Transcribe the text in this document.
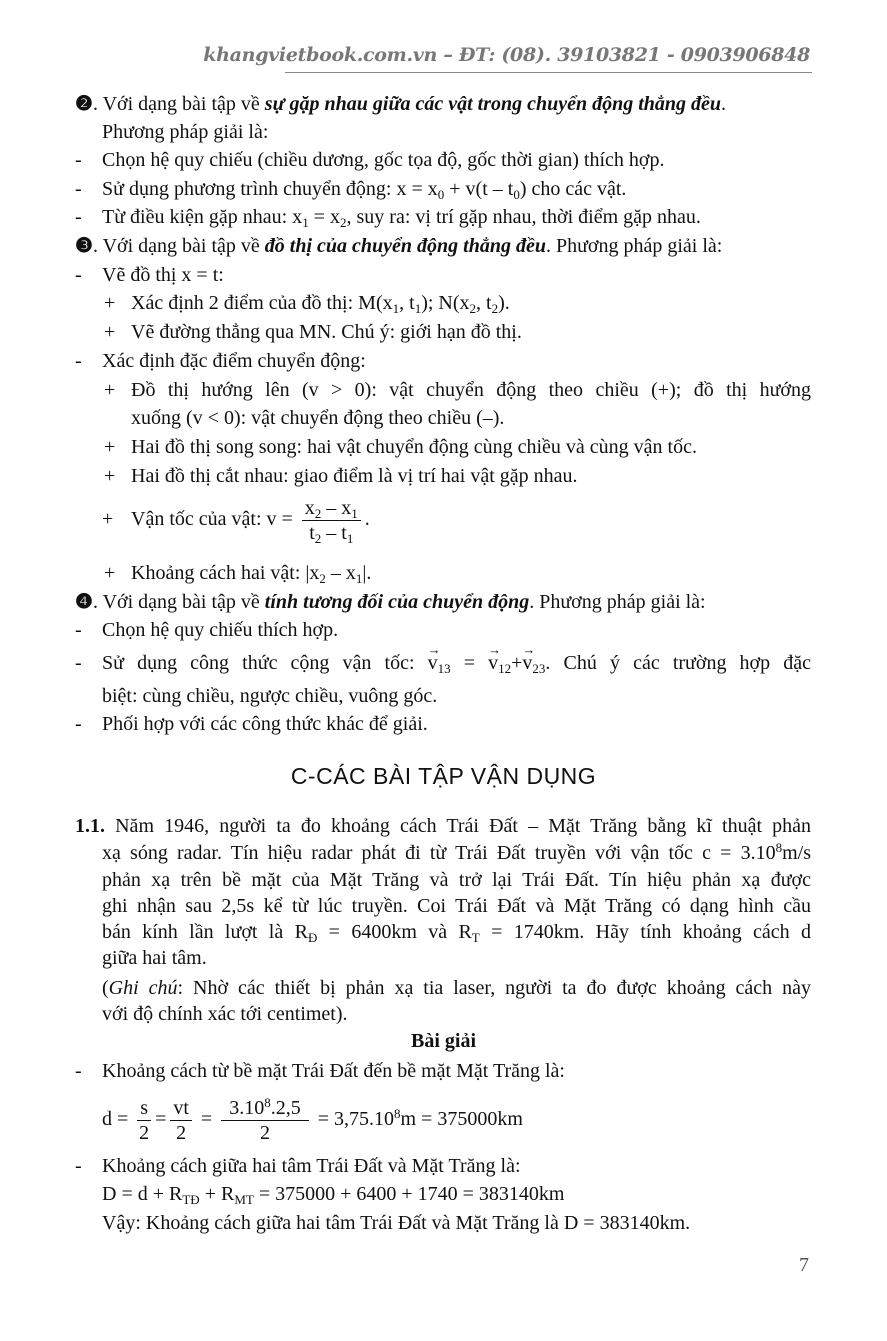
khangvietbook.com.vn – ĐT: (08). 39103821 - 0903906848
❷. Với dạng bài tập về sự gặp nhau giữa các vật trong chuyển động thẳng đều.
Phương pháp giải là:
- Chọn hệ quy chiếu (chiều dương, gốc tọa độ, gốc thời gian) thích hợp.
- Sử dụng phương trình chuyển động: $x = x_0 + v(t - t_0)$ cho các vật.
- Từ điều kiện gặp nhau: $x_1 = x_2$, suy ra: vị trí gặp nhau, thời điểm gặp nhau.
❸. Với dạng bài tập về đồ thị của chuyển động thẳng đều. Phương pháp giải là:
- Vẽ đồ thị x = t:
+ Xác định 2 điểm của đồ thị: $M(x_1$, $t_1$); $N(x_2$, $t_2$).
+ Vẽ đường thẳng qua MN. Chú ý: giới hạn đồ thị.
- Xác định đặc điểm chuyển động:
+ Đồ thị hướng lên (v > 0): vật chuyển động theo chiều (+); đồ thị hướng
xuống (v < 0): vật chuyển động theo chiều (–).
+ Hai đồ thị song song: hai vật chuyển động cùng chiều và cùng vận tốc.
+ Hai đồ thị cắt nhau: giao điểm là vị trí hai vật gặp nhau.
+ Vận tốc của vật: $v = \frac{x_2 - x_1}{t_2 - t_1}$ .
+ Khoảng cách hai vật: $|x_2 - x_1|$.
❹. Với dạng bài tập về tính tương đối của chuyển động. Phương pháp giải là:
- Chọn hệ quy chiếu thích hợp.
- Sử dụng công thức cộng vận tốc: → $v_{13}$ = → $v_{12}+\to v_{23}$. Chú ý các trường hợp đặc
biệt: cùng chiều, ngược chiều, vuông góc.
- Phối hợp với các công thức khác để giải.
C-CÁC BÀI TẬP VẬN DỤNG
1.1. Năm 1946, người ta đo khoảng cách Trái Đất – Mặt Trăng bằng kĩ thuật phản
xạ sóng radar. Tín hiệu radar phát đi từ Trái Đất truyền với vận tốc $c = 3.10^8m/s$
phản xạ trên bề mặt của Mặt Trăng và trở lại Trái Đất. Tín hiệu phản xạ được
ghi nhận sau 2,5s kể từ lúc truyền. Coi Trái Đất và Mặt Trăng có dạng hình cầu
bán kính lần lượt là $R_Đ = 6400km$ và $R_T = 1740km$. Hãy tính khoảng cách d
giữa hai tâm.
(Ghi chú: Nhờ các thiết bị phản xạ tia laser, người ta đo được khoảng cách này
với độ chính xác tới centimet).
Bài giải
- Khoảng cách từ bề mặt Trái Đất đến bề mặt Mặt Trăng là:
$d = \frac{s}{2} = \frac{vt}{2} = \frac{3.10^8.2,5}{2} = 3,75.10^8m = 375000km$
- Khoảng cách giữa hai tâm Trái Đất và Mặt Trăng là:
$D = d + R_{TĐ} + R_{MT} = 375000 + 6400 + 1740 = 383140km$
Vậy: Khoảng cách giữa hai tâm Trái Đất và Mặt Trăng là D = 383140km.
7
